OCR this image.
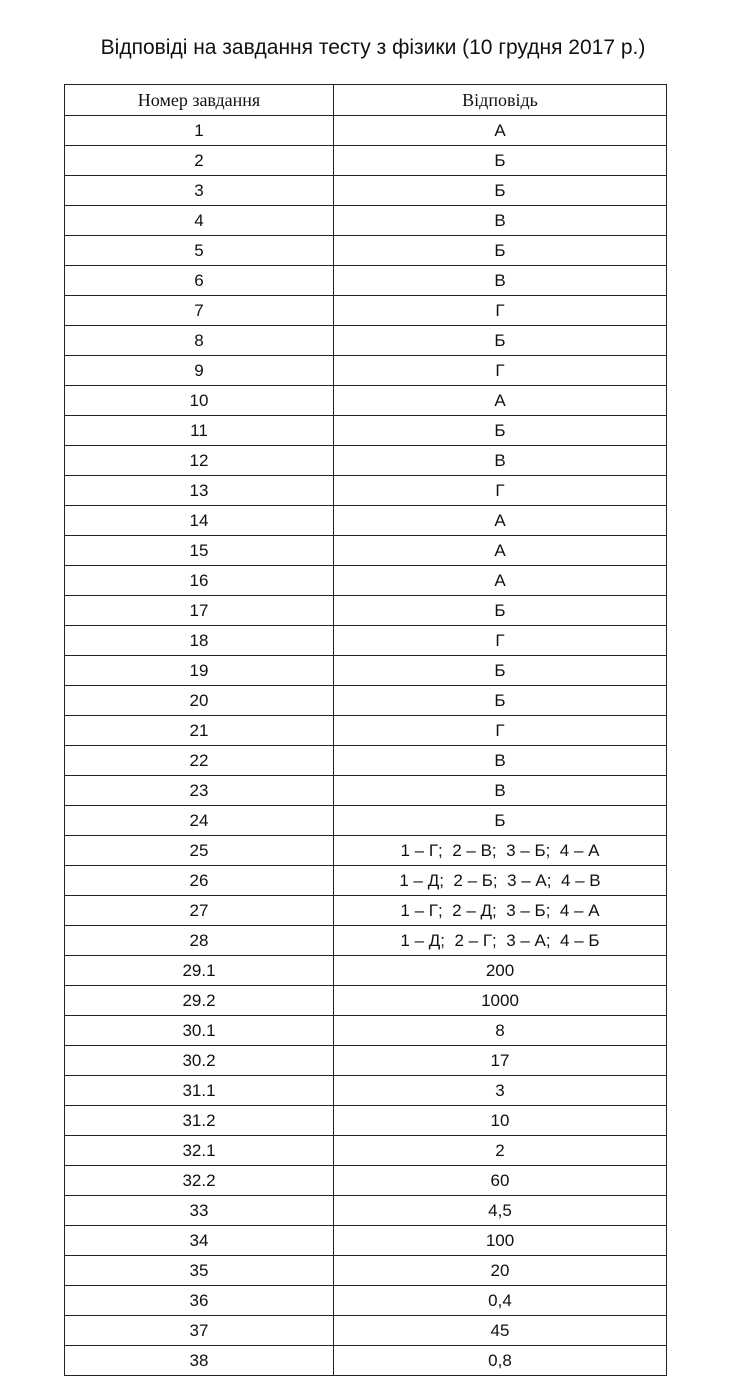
Відповіді на завдання тесту з фізики (10 грудня 2017 р.)
Номер завдання	Відповідь
1	А
2	Б
3	Б
4	В
5	Б
6	В
7	Г
8	Б
9	Г
10	А
11	Б
12	В
13	Г
14	А
15	А
16	А
17	Б
18	Г
19	Б
20	Б
21	Г
22	В
23	В
24	Б
25	1 – Г;  2 – В;  3 – Б;  4 – А
26	1 – Д;  2 – Б;  3 – А;  4 – В
27	1 – Г;  2 – Д;  3 – Б;  4 – А
28	1 – Д;  2 – Г;  3 – А;  4 – Б
29.1	200
29.2	1000
30.1	8
30.2	17
31.1	3
31.2	10
32.1	2
32.2	60
33	4,5
34	100
35	20
36	0,4
37	45
38	0,8
